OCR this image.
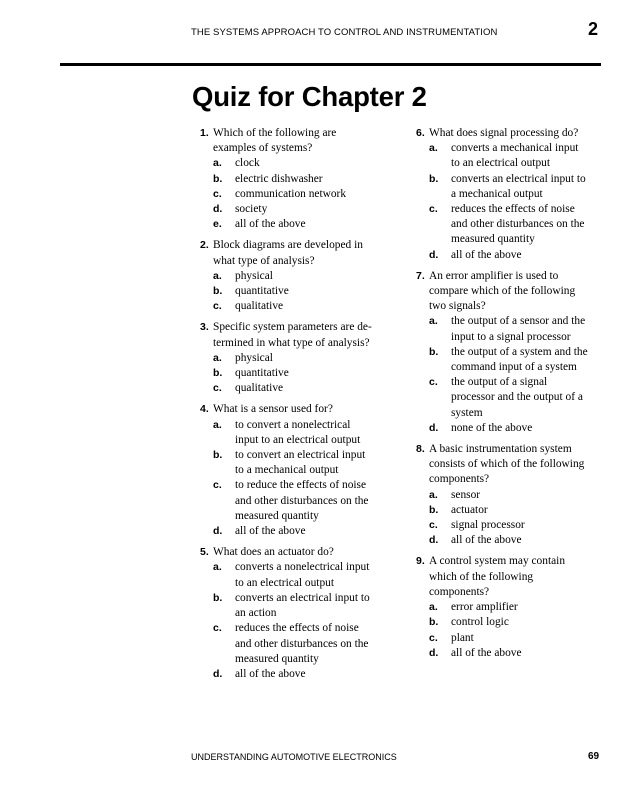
THE SYSTEMS APPROACH TO CONTROL AND INSTRUMENTATION	2
Quiz for Chapter 2
1. Which of the following are
examples of systems?
a.	clock
b.	electric dishwasher
c.	communication network
d.	society
e.	all of the above
2. Block diagrams are developed in
what type of analysis?
a.	physical
b.	quantitative
c.	qualitative
3. Specific system parameters are de-
termined in what type of analysis?
a.	physical
b.	quantitative
c.	qualitative
4. What is a sensor used for?
a.	to convert a nonelectrical
input to an electrical output
b.	to convert an electrical input
to a mechanical output
c.	to reduce the effects of noise
and other disturbances on the
measured quantity
d.	all of the above
5. What does an actuator do?
a.	converts a nonelectrical input
to an electrical output
b.	converts an electrical input to
an action
c.	reduces the effects of noise
and other disturbances on the
measured quantity
d.	all of the above
6. What does signal processing do?
a.	converts a mechanical input
to an electrical output
b.	converts an electrical input to
a mechanical output
c.	reduces the effects of noise
and other disturbances on the
measured quantity
d.	all of the above
7. An error amplifier is used to
compare which of the following
two signals?
a.	the output of a sensor and the
input to a signal processor
b.	the output of a system and the
command input of a system
c.	the output of a signal
processor and the output of a
system
d.	none of the above
8. A basic instrumentation system
consists of which of the following
components?
a.	sensor
b.	actuator
c.	signal processor
d.	all of the above
9. A control system may contain
which of the following
components?
a.	error amplifier
b.	control logic
c.	plant
d.	all of the above
UNDERSTANDING AUTOMOTIVE ELECTRONICS	69
